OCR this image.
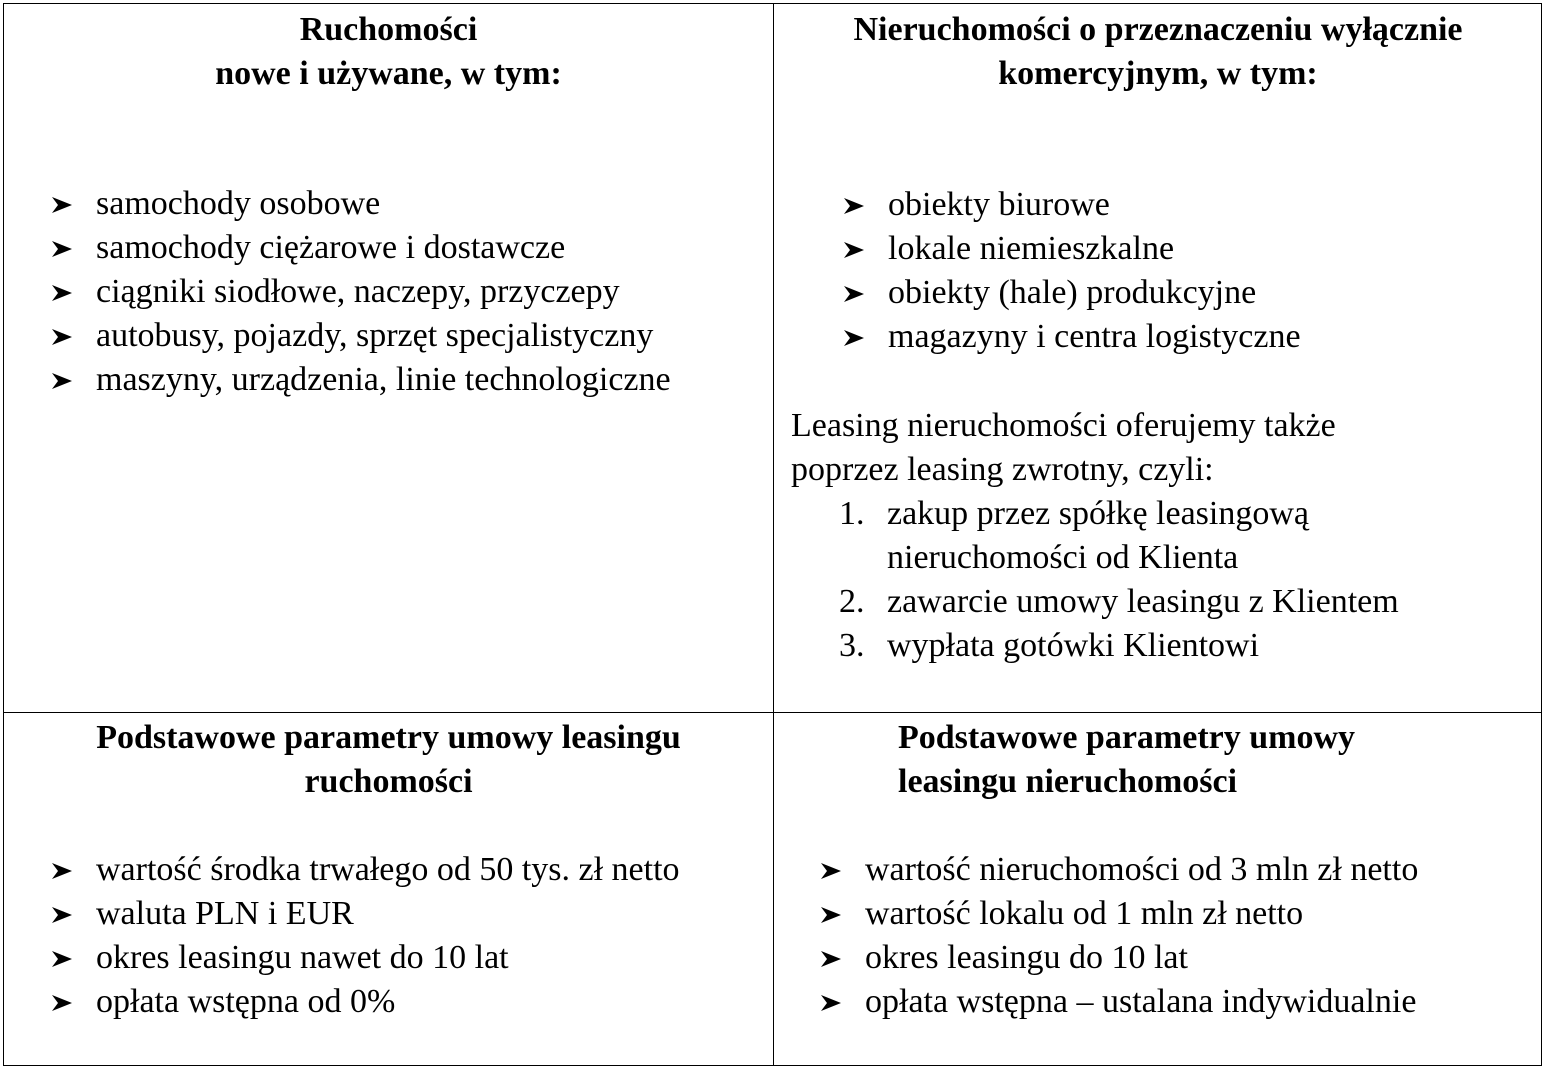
Ruchomości
nowe i używane, w tym:
samochody osobowe
samochody ciężarowe i dostawcze
ciągniki siodłowe, naczepy, przyczepy
autobusy, pojazdy, sprzęt specjalistyczny
maszyny, urządzenia, linie technologiczne
Nieruchomości o przeznaczeniu wyłącznie
komercyjnym, w tym:
obiekty biurowe
lokale niemieszkalne
obiekty (hale) produkcyjne
magazyny i centra logistyczne
Leasing nieruchomości oferujemy także
poprzez leasing zwrotny, czyli:
1. zakup przez spółkę leasingową
nieruchomości od Klienta
2. zawarcie umowy leasingu z Klientem
3. wypłata gotówki Klientowi
Podstawowe parametry umowy leasingu
ruchomości
wartość środka trwałego od 50 tys. zł netto
waluta PLN i EUR
okres leasingu nawet do 10 lat
opłata wstępna od 0%
Podstawowe parametry umowy
leasingu nieruchomości
wartość nieruchomości od 3 mln zł netto
wartość lokalu od 1 mln zł netto
okres leasingu do 10 lat
opłata wstępna – ustalana indywidualnie
